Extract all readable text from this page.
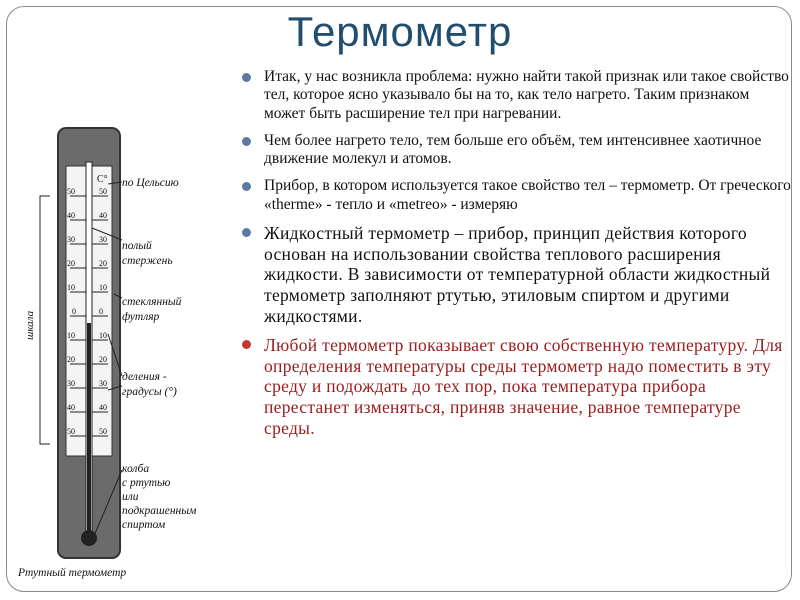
Термометр
C°
50
40
30
20
10
0
10
20
30
40
50
50
40
30
20
10
0
10
20
30
40
50
шкала
по Цельсию
полый
стержень
стеклянный
футляр
деления -
градусы (°)
колба
с ртутью
или
подкрашенным
спиртом
Ртутный термометр
Итак, у нас возникла проблема: нужно найти такой признак или такое свойство тел, которое ясно указывало бы на то, как тело нагрето. Таким признаком может быть расширение тел при нагревании.
Чем более нагрето тело, тем больше его объём, тем интенсивнее хаотичное движение молекул и атомов.
Прибор, в котором используется такое свойство тел – термометр. От греческого «therme» - тепло и «metreo» - измеряю
Жидкостный термометр – прибор, принцип действия которого основан на использовании свойства теплового расширения жидкости. В зависимости от температурной области жидкостный термометр заполняют ртутью, этиловым спиртом и другими жидкостями.
Любой термометр показывает свою собственную температуру. Для определения температуры среды термометр надо поместить в эту среду и подождать до тех пор, пока температура прибора перестанет изменяться, приняв значение, равное температуре среды.
